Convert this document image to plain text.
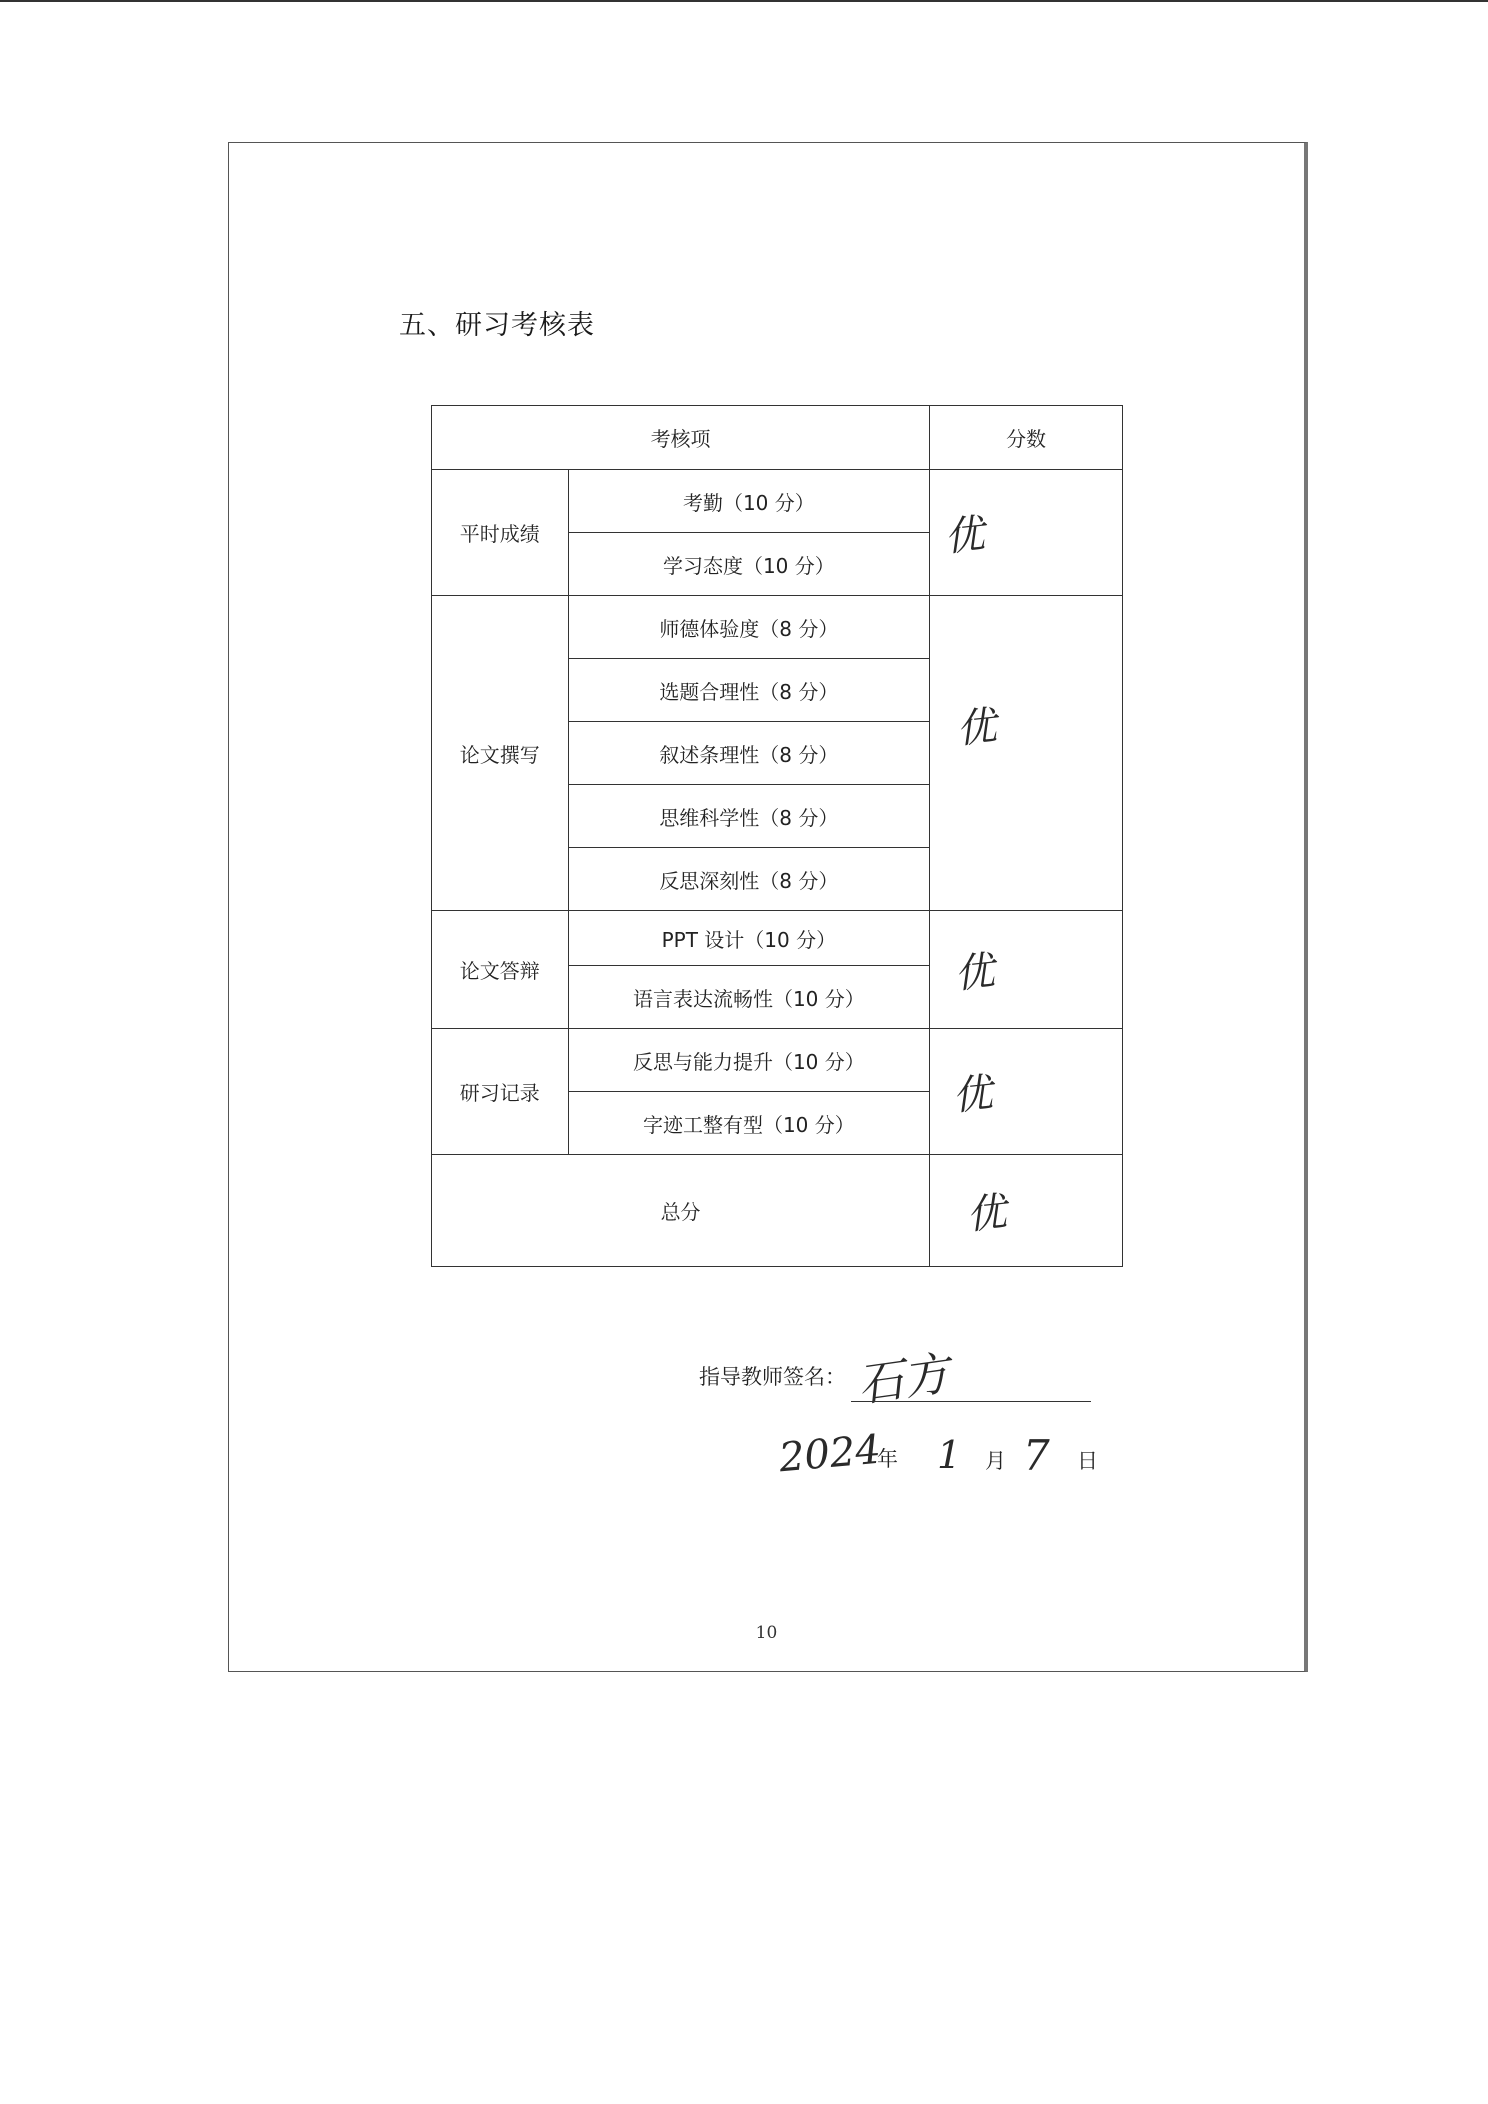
五、研习考核表
考核项		分数
平时成绩	考勤（10 分）	优
	学习态度（10 分）	
论文撰写	师德体验度（8 分）	优
	选题合理性（8 分）	
	叙述条理性（8 分）	
	思维科学性（8 分）	
	反思深刻性（8 分）	
论文答辩	PPT 设计（10 分）	优
	语言表达流畅性（10 分）	
研习记录	反思与能力提升（10 分）	优
	字迹工整有型（10 分）	
总分		优
指导教师签名： 石方
2024
年 1 月 7 日
10
